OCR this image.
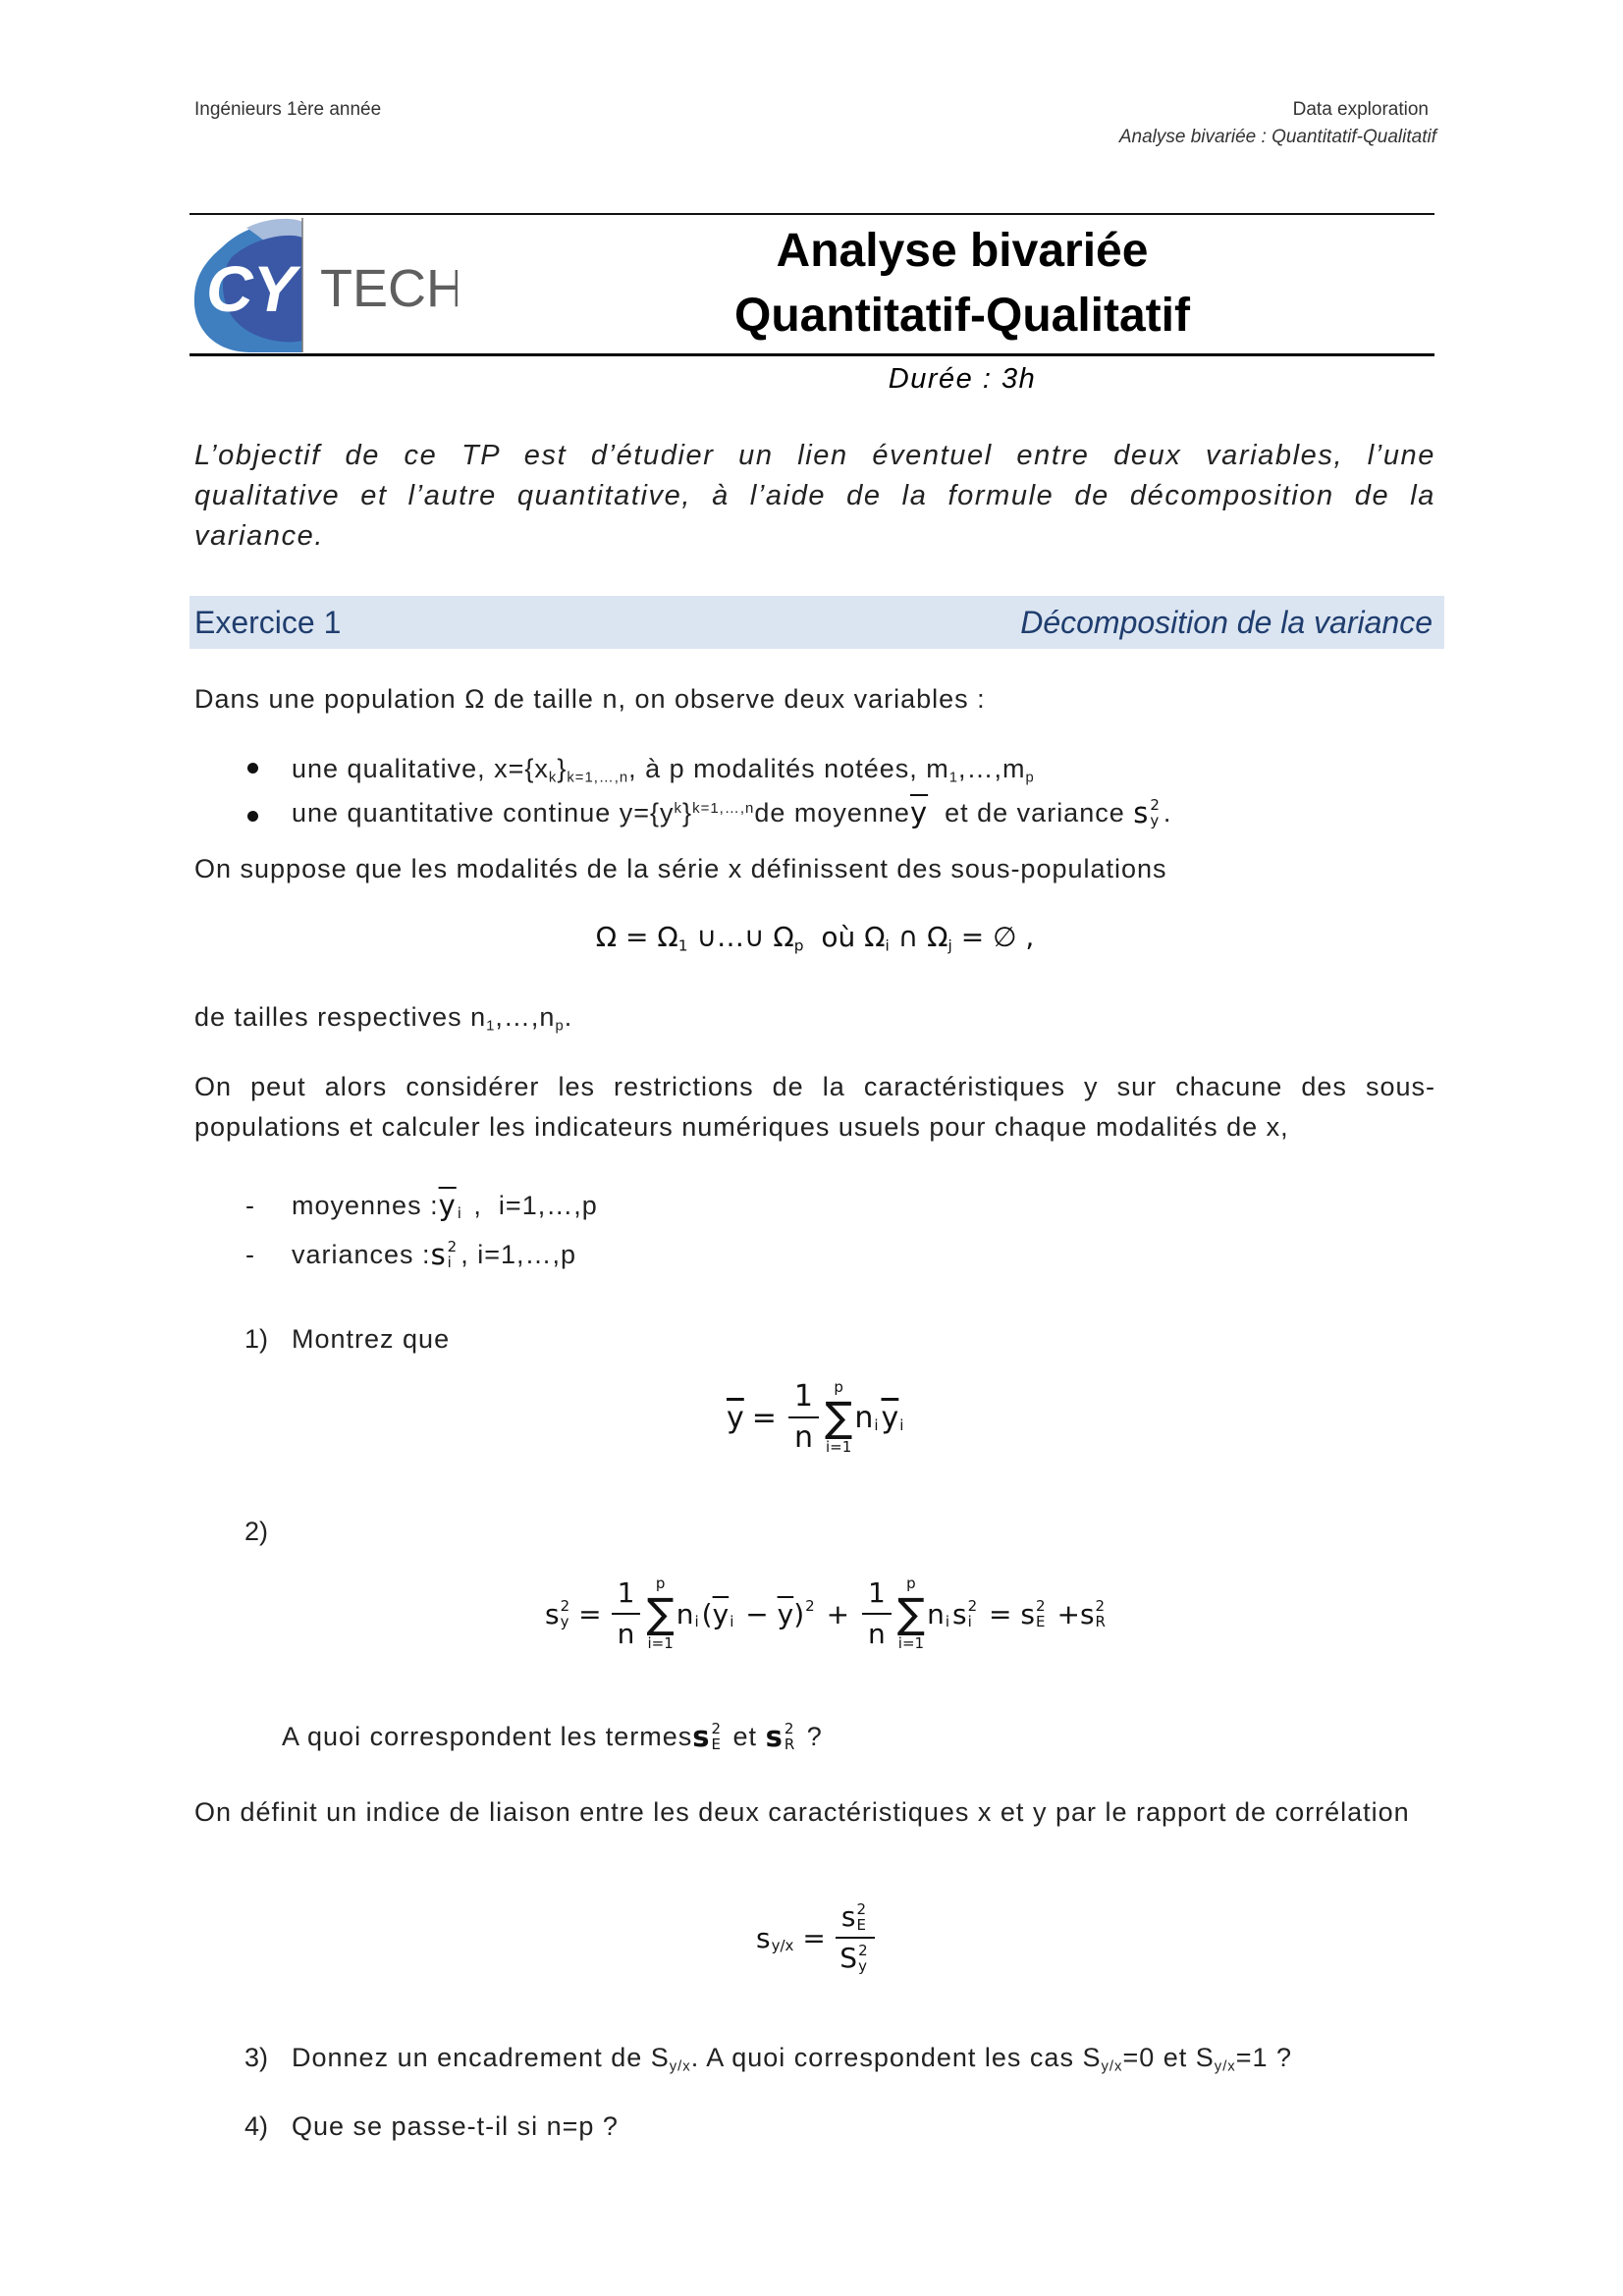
Ingénieurs 1ère année	Data exploration
Analyse bivariée : Quantitatif-Qualitatif
CY TECH
Analyse bivariée
Quantitatif-Qualitatif
Durée : 3h
L’objectif de ce TP est d’étudier un lien éventuel entre deux variables, l’une qualitative et l’autre quantitative, à l’aide de la formule de décomposition de la variance.
Exercice 1	Décomposition de la variance
Dans une population Ω de taille n, on observe deux variables :
une qualitative, $x=\{x_k\}_{k=1,\dots,n}$, à p modalités notées, $m_1,\dots,m_p$
une quantitative continue y={y k } k=1,…,n de moyenne $\overline{y}$ et de variance s 2
y .
On suppose que les modalités de la série x définissent des sous-populations
$\Omega = \Omega_1$ ∪…∪ $\Omega_p$  où $\Omega_i$ ∩ $\Omega_j$ = ∅ ,
de tailles respectives $n_1,\dots,n_p$.
On peut alors considérer les restrictions de la caractéristiques y sur chacune des sous-populations et calculer les indicateurs numériques usuels pour chaque modalités de x,
- moyennes : $\overline{y}$ i ,  i=1,…,p
- variances : s 2
i , i=1,…,p
1) Montrez que
$\overline{y} = \frac{1}{n}$ p
∑
i=1
n i $\overline{y}$ i
2)
s 2
$y = \frac{1}{n}$ p
∑
i=1
n i ( $\overline{y}$ $i - \overline{y}$ ) $2 + \frac{1}{n}$ p
∑
i=1
n i s 2
i = s 2
E + s 2
R
A quoi correspondent les termes s 2
E et s 2
R ?
On définit un indice de liaison entre les deux caractéristiques x et y par le rapport de corrélation
s y/x = s 2
E
S 2
y
3) Donnez un encadrement de $S_{y/x}$. A quoi correspondent les cas $S_{y/x}=0$ et $S_{y/x}=1$ ?
4) Que se passe-t-il si n=p ?
